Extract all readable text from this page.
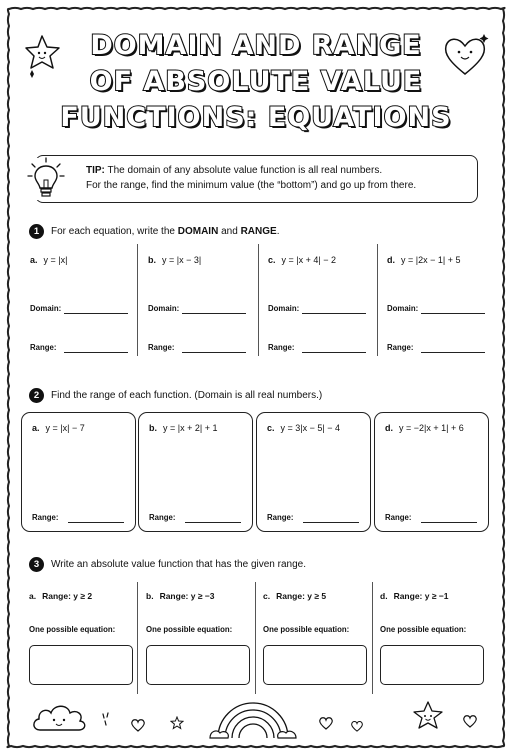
DOMAIN AND RANGE
OF ABSOLUTE VALUE
FUNCTIONS: EQUATIONS
TIP: The domain of any absolute value function is all real numbers.
For the range, find the minimum value (the “bottom”) and go up from there.
1	For each equation, write the DOMAIN and RANGE.
a. y = |x|
Domain:
Range:
b. y = |x − 3|
Domain:
Range:
c. y = |x + 4| − 2
Domain:
Range:
d. y = |2x − 1| + 5
Domain:
Range:
2	Find the range of each function. (Domain is all real numbers.)
a. y = |x| − 7
Range:
b. y = |x + 2| + 1
Range:
c. y = 3|x − 5| − 4
Range:
d. y = −2|x + 1| + 6
Range:
3	Write an absolute value function that has the given range.
a. Range: y ≥ 2
One possible equation:
b. Range: y ≥ −3
One possible equation:
c. Range: y ≥ 5
One possible equation:
d. Range: y ≥ −1
One possible equation:
